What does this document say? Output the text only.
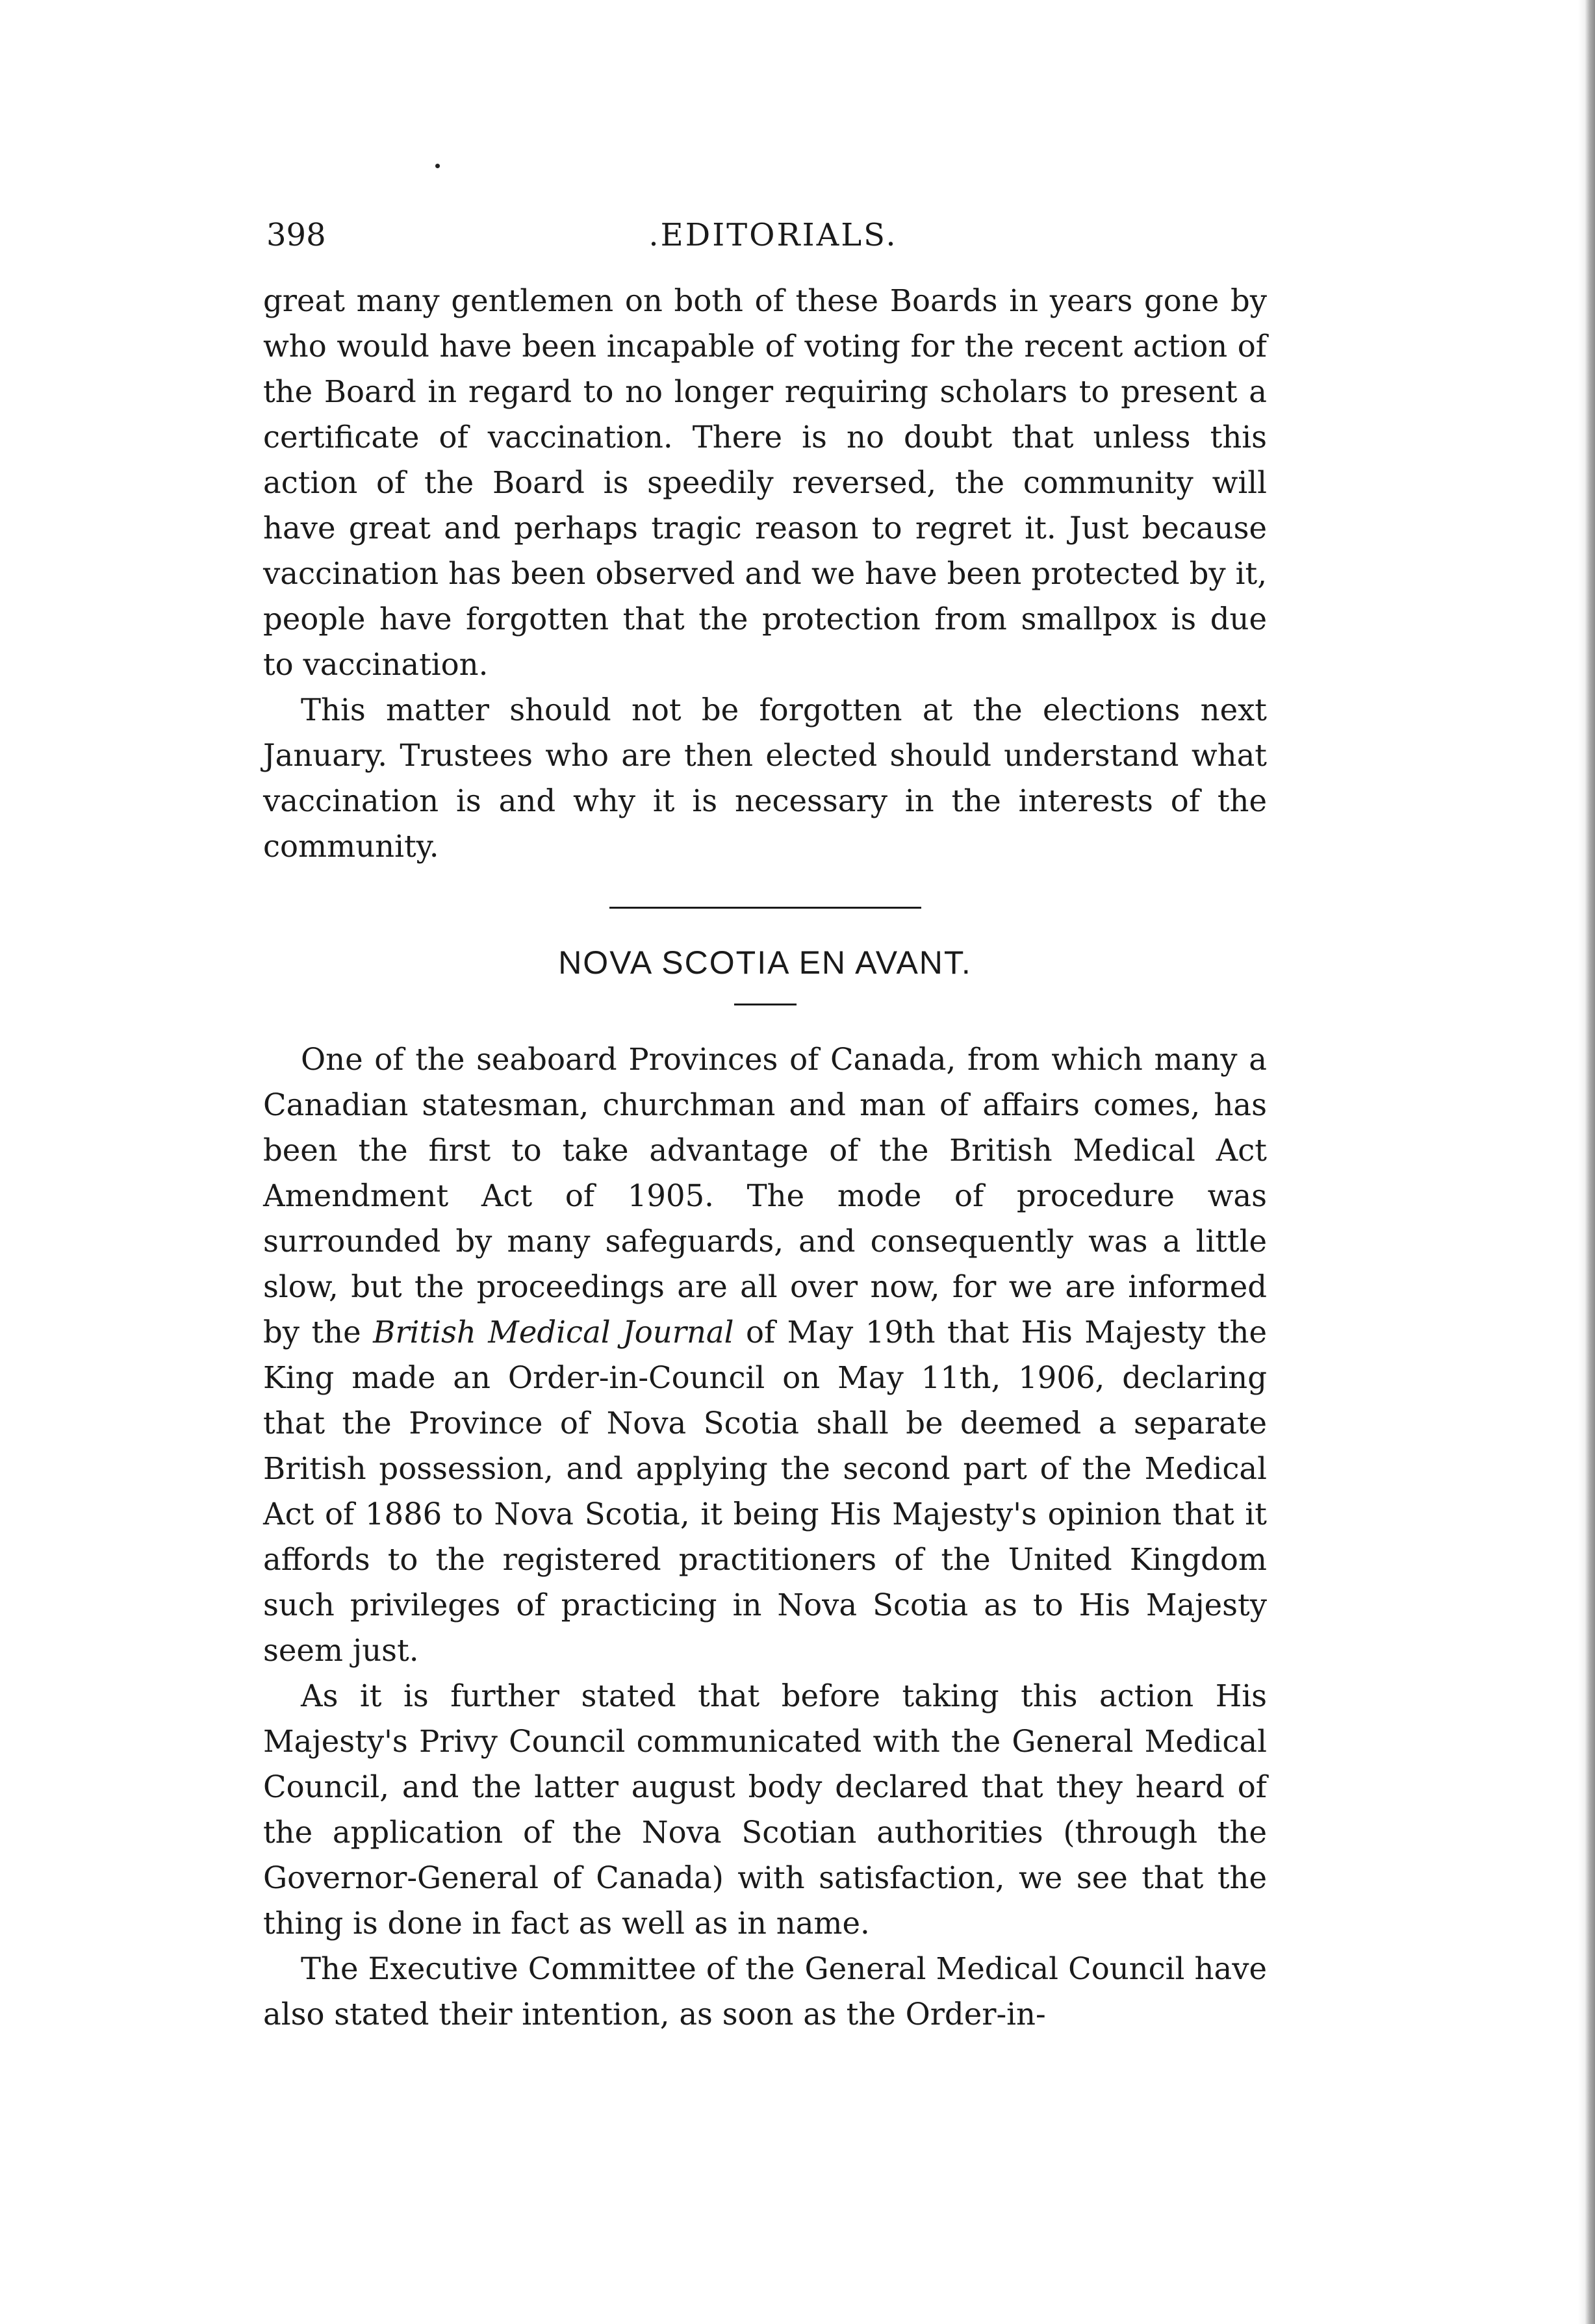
398	.EDITORIALS.

great many gentlemen on both of these Boards in years gone by who would have been incapable of voting for the recent action of the Board in regard to no longer requiring scholars to present a certificate of vaccination. There is no doubt that unless this action of the Board is speedily reversed, the community will have great and perhaps tragic reason to regret it. Just because vaccination has been observed and we have been protected by it, people have forgotten that the protection from smallpox is due to vaccination.

This matter should not be forgotten at the elections next January. Trustees who are then elected should understand what vaccination is and why it is necessary in the interests of the community.

NOVA SCOTIA EN AVANT.

One of the seaboard Provinces of Canada, from which many a Canadian statesman, churchman and man of affairs comes, has been the first to take advantage of the British Medical Act Amendment Act of 1905. The mode of procedure was surrounded by many safeguards, and consequently was a little slow, but the proceedings are all over now, for we are informed by the British Medical Journal of May 19th that His Majesty the King made an Order-in-Council on May 11th, 1906, declaring that the Province of Nova Scotia shall be deemed a separate British possession, and applying the second part of the Medical Act of 1886 to Nova Scotia, it being His Majesty's opinion that it affords to the registered practitioners of the United Kingdom such privileges of practicing in Nova Scotia as to His Majesty seem just.

As it is further stated that before taking this action His Majesty's Privy Council communicated with the General Medical Council, and the latter august body declared that they heard of the application of the Nova Scotian authorities (through the Governor-General of Canada) with satisfaction, we see that the thing is done in fact as well as in name.

The Executive Committee of the General Medical Council have also stated their intention, as soon as the Order-in-
